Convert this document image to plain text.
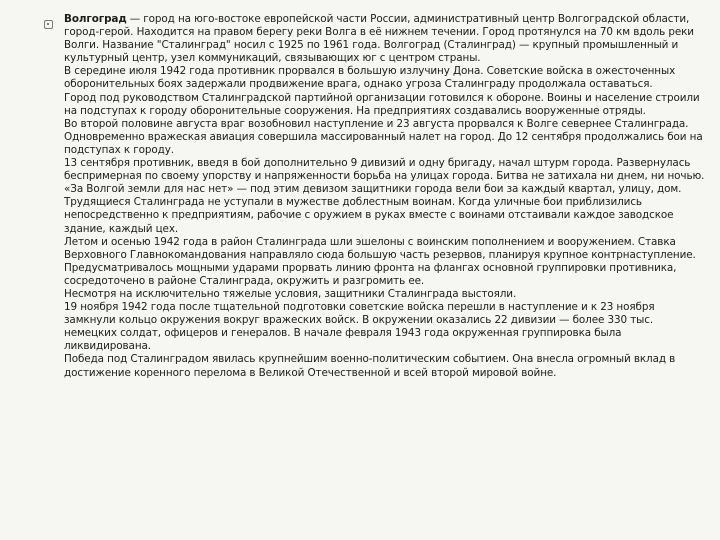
Волгоград — город на юго-востоке европейской части России, административный центр Волгоградской области, город-герой. Находится на правом берегу реки Волга в её нижнем течении. Город протянулся на 70 км вдоль реки Волги. Название "Сталинград" носил с 1925 по 1961 года. Волгоград (Сталинград) — крупный промышленный и культурный центр, узел коммуникаций, связывающих юг с центром страны.

В середине июля 1942 года противник прорвался в большую излучину Дона. Советские войска в ожесточенных оборонительных боях задержали продвижение врага, однако угроза Сталинграду продолжала оставаться.

Город под руководством Сталинградской партийной организации готовился к обороне. Воины и население строили на подступах к городу оборонительные сооружения. На предприятиях создавались вооруженные отряды.

Во второй половине августа враг возобновил наступление и 23 августа прорвался к Волге севернее Сталинграда. Одновременно вражеская авиация совершила массированный налет на город. До 12 сентября продолжались бои на подступах к городу.

13 сентября противник, введя в бой дополнительно 9 дивизий и одну бригаду, начал штурм города. Развернулась беспримерная по своему упорству и напряженности борьба на улицах города. Битва не затихала ни днем, ни ночью. «За Волгой земли для нас нет» — под этим девизом защитники города вели бои за каждый квартал, улицу, дом.

Трудящиеся Сталинграда не уступали в мужестве доблестным воинам. Когда уличные бои приблизились непосредственно к предприятиям, рабочие с оружием в руках вместе с воинами отстаивали каждое заводское здание, каждый цех.

Летом и осенью 1942 года в район Сталинграда шли эшелоны с воинским пополнением и вооружением. Ставка Верховного Главнокомандования направляло сюда большую часть резервов, планируя крупное контрнаступление. Предусматривалось мощными ударами прорвать линию фронта на флангах основной группировки противника, сосредоточено в районе Сталинграда, окружить и разгромить ее.

Несмотря на исключительно тяжелые условия, защитники Сталинграда выстояли.

19 ноября 1942 года после тщательной подготовки советские войска перешли в наступление и к 23 ноября замкнули кольцо окружения вокруг вражеских войск. В окружении оказались 22 дивизии — более 330 тыс. немецких солдат, офицеров и генералов. В начале февраля 1943 года окруженная группировка была ликвидирована.

Победа под Сталинградом явилась крупнейшим военно-политическим событием. Она внесла огромный вклад в достижение коренного перелома в Великой Отечественной и всей второй мировой войне.
